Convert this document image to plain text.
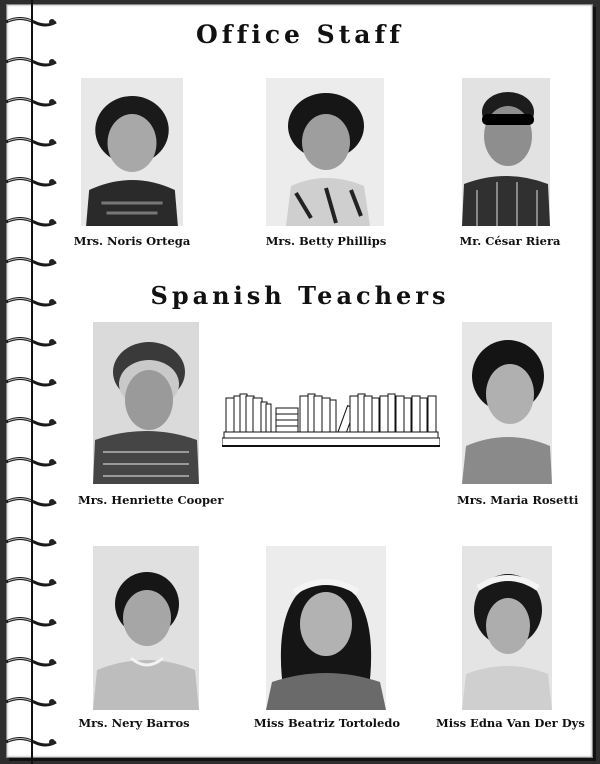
Office Staff
Spanish Teachers
Mrs. Noris Ortega	Mrs. Betty Phillips	Mr. César Riera
Mrs. Henriette Cooper	Mrs. Maria Rosetti
Mrs. Nery Barros	Miss Beatriz Tortoledo	Miss Edna Van Der Dys
